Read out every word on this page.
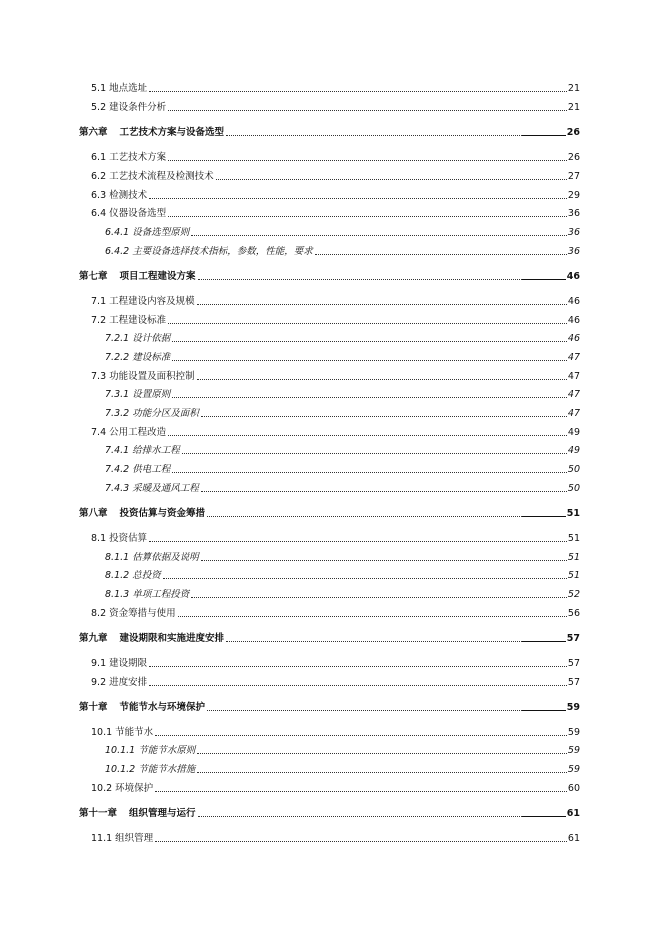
5.1 地点选址	21
5.2 建设条件分析	21
第六章 工艺技术方案与设备选型	26
6.1 工艺技术方案	26
6.2 工艺技术流程及检测技术	27
6.3 检测技术	29
6.4 仪器设备选型	36
6.4.1 设备选型原则	36
6.4.2 主要设备选择技术指标，参数，性能，要求	36
第七章 项目工程建设方案	46
7.1 工程建设内容及规模	46
7.2 工程建设标准	46
7.2.1 设计依据	46
7.2.2 建设标准	47
7.3 功能设置及面积控制	47
7.3.1 设置原则	47
7.3.2 功能分区及面积	47
7.4 公用工程改造	49
7.4.1 给排水工程	49
7.4.2 供电工程	50
7.4.3 采暖及通风工程	50
第八章 投资估算与资金筹措	51
8.1 投资估算	51
8.1.1 估算依据及说明	51
8.1.2 总投资	51
8.1.3 单项工程投资	52
8.2 资金筹措与使用	56
第九章 建设期限和实施进度安排	57
9.1 建设期限	57
9.2 进度安排	57
第十章 节能节水与环境保护	59
10.1 节能节水	59
10.1.1 节能节水原则	59
10.1.2 节能节水措施	59
10.2 环境保护	60
第十一章 组织管理与运行	61
11.1 组织管理	61
